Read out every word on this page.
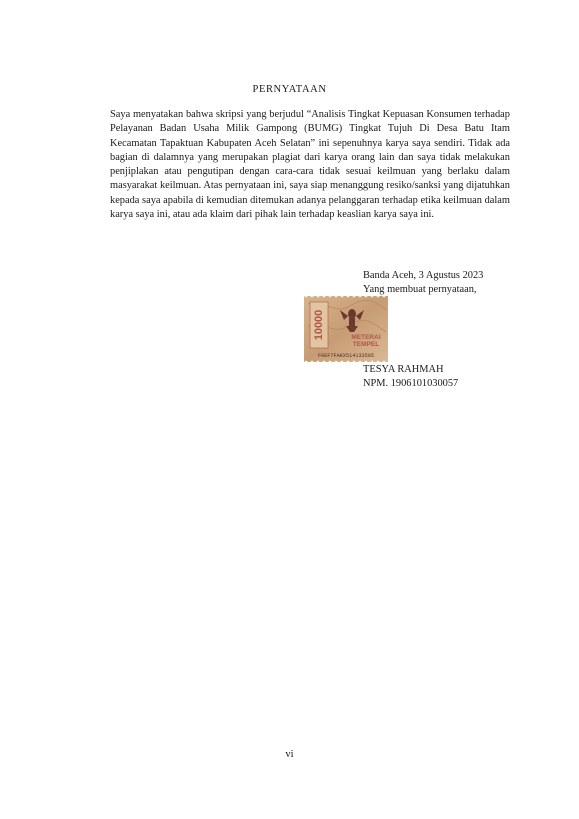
PERNYATAAN
Saya menyatakan bahwa skripsi yang berjudul “Analisis Tingkat Kepuasan Konsumen terhadap Pelayanan Badan Usaha Milik Gampong (BUMG) Tingkat Tujuh Di Desa Batu Itam Kecamatan Tapaktuan Kabupaten Aceh Selatan” ini sepenuhnya karya saya sendiri. Tidak ada bagian di dalamnya yang merupakan plagiat dari karya orang lain dan saya tidak melakukan penjiplakan atau pengutipan dengan cara-cara tidak sesuai keilmuan yang berlaku dalam masyarakat keilmuan. Atas pernyataan ini, saya siap menanggung resiko/sanksi yang dijatuhkan kepada saya apabila di kemudian ditemukan adanya pelanggaran terhadap etika keilmuan dalam karya saya ini, atau ada klaim dari pihak lain terhadap keaslian karya saya ini.
Banda Aceh, 3 Agustus 2023
Yang membuat pernyataan,
10000	METERAI
TEMPEL
F0EF7FAKX514133505
TESYA RAHMAH
NPM. 1906101030057
vi
